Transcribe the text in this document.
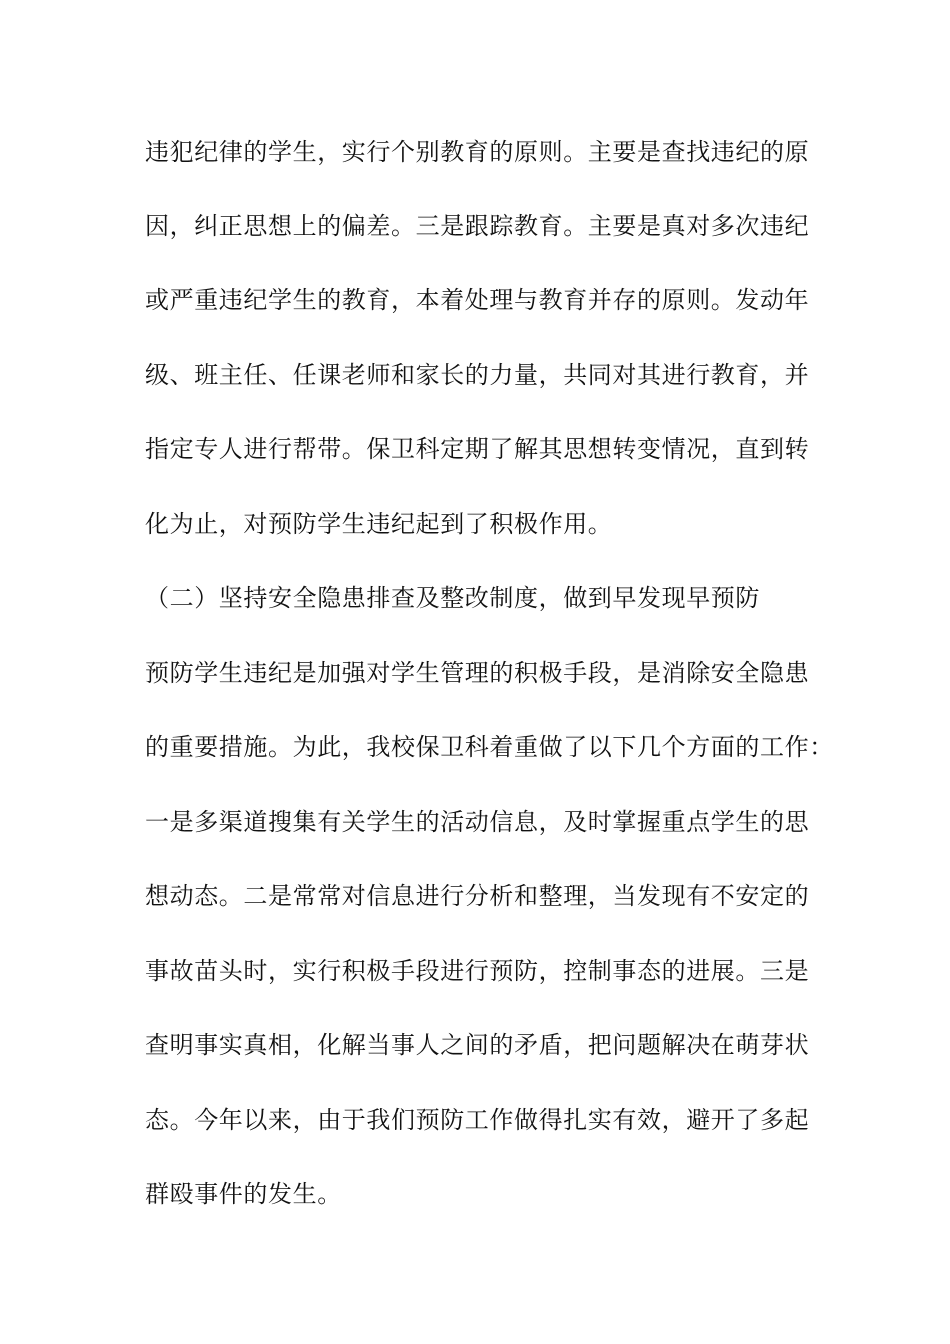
违犯纪律的学生，实行个别教育的原则。主要是查找违纪的原
因，纠正思想上的偏差。三是跟踪教育。主要是真对多次违纪
或严重违纪学生的教育，本着处理与教育并存的原则。发动年
级、班主任、任课老师和家长的力量，共同对其进行教育，并
指定专人进行帮带。保卫科定期了解其思想转变情况，直到转
化为止，对预防学生违纪起到了积极作用。
（二）坚持安全隐患排查及整改制度，做到早发现早预防
预防学生违纪是加强对学生管理的积极手段，是消除安全隐患
的重要措施。为此，我校保卫科着重做了以下几个方面的工作：
一是多渠道搜集有关学生的活动信息，及时掌握重点学生的思
想动态。二是常常对信息进行分析和整理，当发现有不安定的
事故苗头时，实行积极手段进行预防，控制事态的进展。三是
查明事实真相，化解当事人之间的矛盾，把问题解决在萌芽状
态。今年以来，由于我们预防工作做得扎实有效，避开了多起
群殴事件的发生。
